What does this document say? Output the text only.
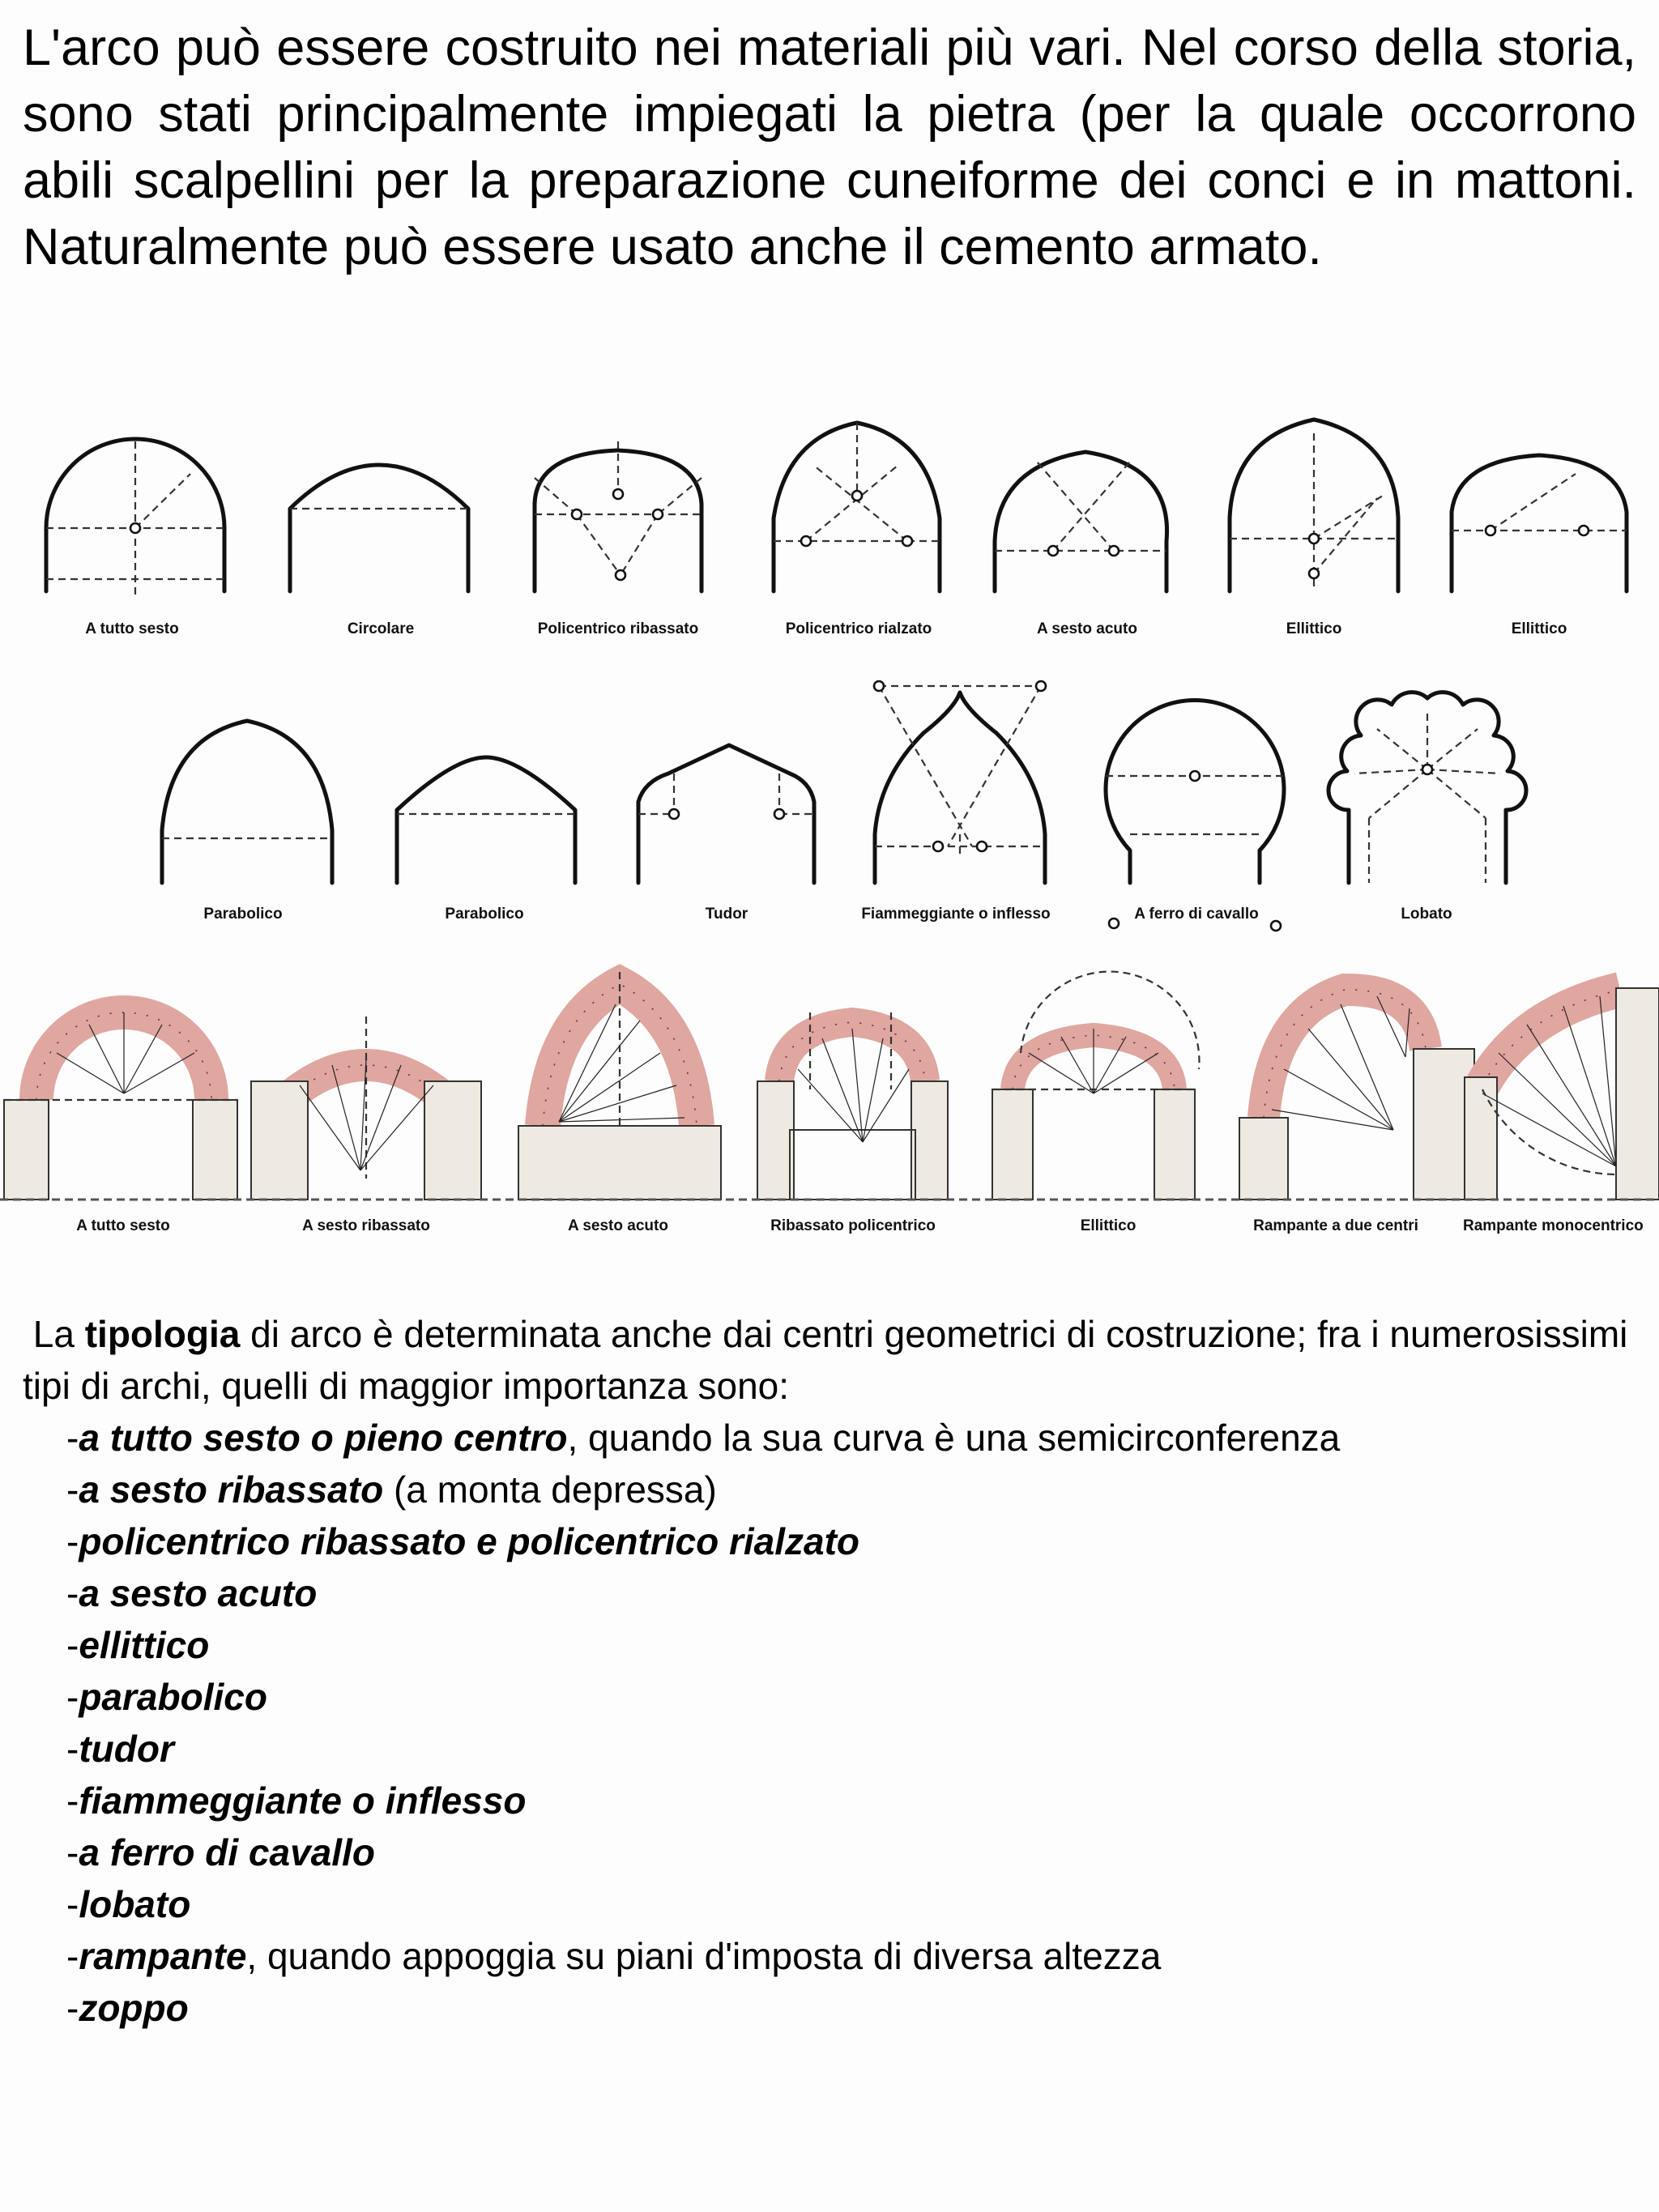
L'arco può essere costruito nei materiali più vari. Nel corso della storia, sono stati principalmente impiegati la pietra (per la quale occorrono abili scalpellini per la preparazione cuneiforme dei conci e in mattoni. Naturalmente può essere usato anche il cemento armato.

A tutto sesto	Circolare	Policentrico ribassato	Policentrico rialzato	A sesto acuto	Ellittico	Ellittico
Parabolico	Parabolico	Tudor	Fiammeggiante o inflesso	A ferro di cavallo	Lobato
A tutto sesto	A sesto ribassato	A sesto acuto	Ribassato policentrico	Ellittico	Rampante a due centri	Rampante monocentrico

La tipologia di arco è determinata anche dai centri geometrici di costruzione; fra i numerosissimi tipi di archi, quelli di maggior importanza sono:

-a tutto sesto o pieno centro, quando la sua curva è una semicirconferenza
-a sesto ribassato (a monta depressa)
-policentrico ribassato e policentrico rialzato
-a sesto acuto
-ellittico
-parabolico
-tudor
-fiammeggiante o inflesso
-a ferro di cavallo
-lobato
-rampante, quando appoggia su piani d'imposta di diversa altezza
-zoppo
